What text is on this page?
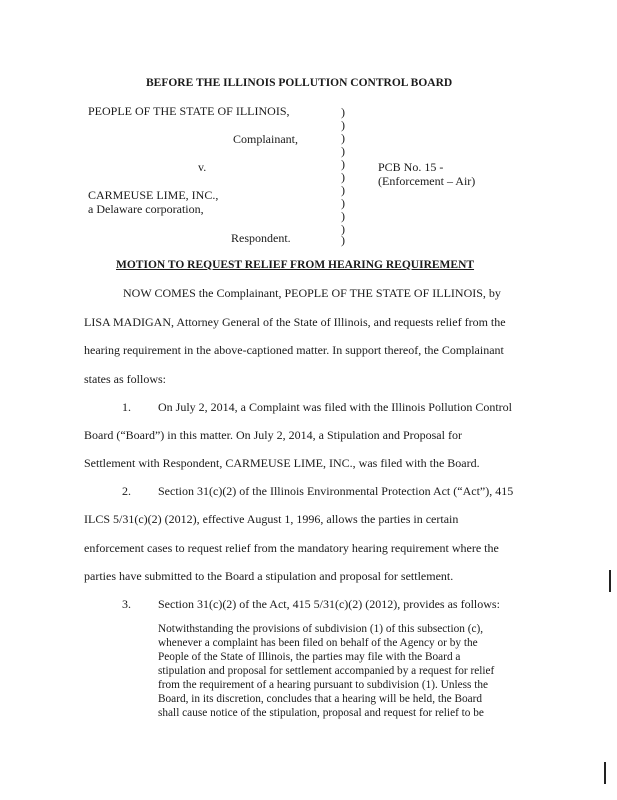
BEFORE THE ILLINOIS POLLUTION CONTROL BOARD
PEOPLE OF THE STATE OF ILLINOIS,
Complainant,
v.
CARMEUSE LIME, INC.,
a Delaware corporation,
Respondent.
)
)
)
)
)
)
)
)
)
)
)
PCB No. 15 -
(Enforcement – Air)
MOTION TO REQUEST RELIEF FROM HEARING REQUIREMENT
NOW COMES the Complainant, PEOPLE OF THE STATE OF ILLINOIS, by
LISA MADIGAN, Attorney General of the State of Illinois, and requests relief from the
hearing requirement in the above-captioned matter. In support thereof, the Complainant
states as follows:
1. On July 2, 2014, a Complaint was filed with the Illinois Pollution Control
Board (“Board”) in this matter. On July 2, 2014, a Stipulation and Proposal for
Settlement with Respondent, CARMEUSE LIME, INC., was filed with the Board.
2. Section 31(c)(2) of the Illinois Environmental Protection Act (“Act”), 415
ILCS 5/31(c)(2) (2012), effective August 1, 1996, allows the parties in certain
enforcement cases to request relief from the mandatory hearing requirement where the
parties have submitted to the Board a stipulation and proposal for settlement.
3. Section 31(c)(2) of the Act, 415 5/31(c)(2) (2012), provides as follows:
Notwithstanding the provisions of subdivision (1) of this subsection (c),
whenever a complaint has been filed on behalf of the Agency or by the
People of the State of Illinois, the parties may file with the Board a
stipulation and proposal for settlement accompanied by a request for relief
from the requirement of a hearing pursuant to subdivision (1). Unless the
Board, in its discretion, concludes that a hearing will be held, the Board
shall cause notice of the stipulation, proposal and request for relief to be
